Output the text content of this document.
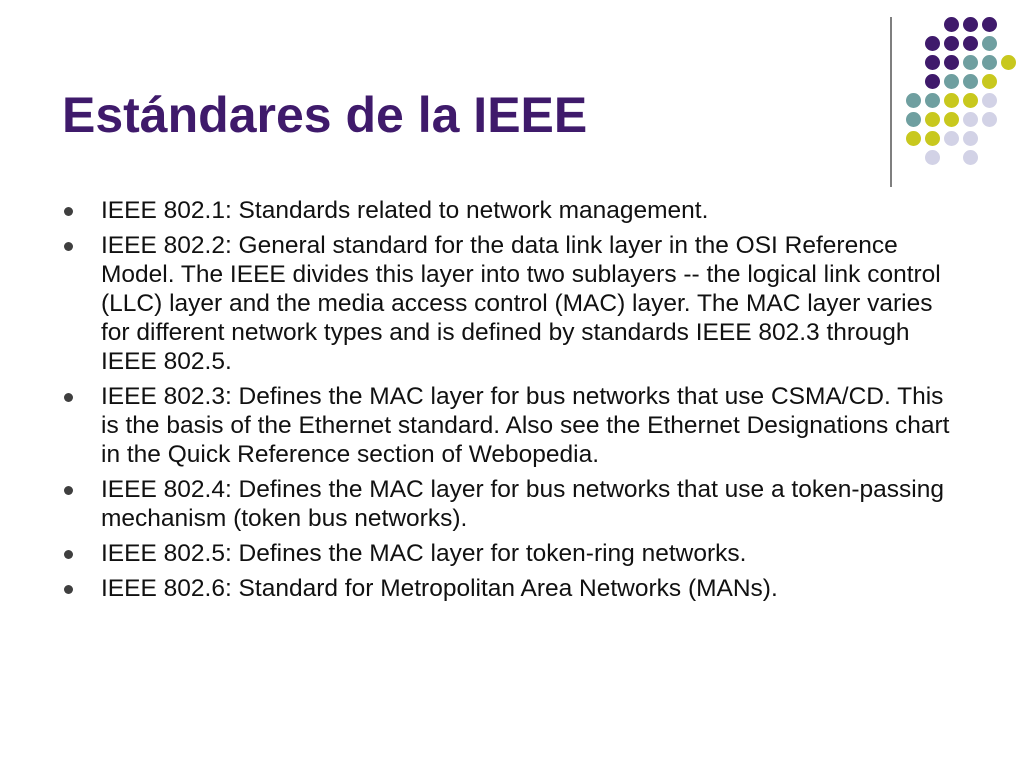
Estándares de la IEEE
IEEE 802.1: Standards related to network management.
IEEE 802.2: General standard for the data link layer in the OSI Reference Model. The IEEE divides this layer into two sublayers -- the logical link control (LLC) layer and the media access control (MAC) layer. The MAC layer varies for different network types and is defined by standards IEEE 802.3 through IEEE 802.5.
IEEE 802.3: Defines the MAC layer for bus networks that use CSMA/CD. This is the basis of the Ethernet standard. Also see the Ethernet Designations chart in the Quick Reference section of Webopedia.
IEEE 802.4: Defines the MAC layer for bus networks that use a token-passing mechanism (token bus networks).
IEEE 802.5: Defines the MAC layer for token-ring networks.
IEEE 802.6: Standard for Metropolitan Area Networks (MANs).
